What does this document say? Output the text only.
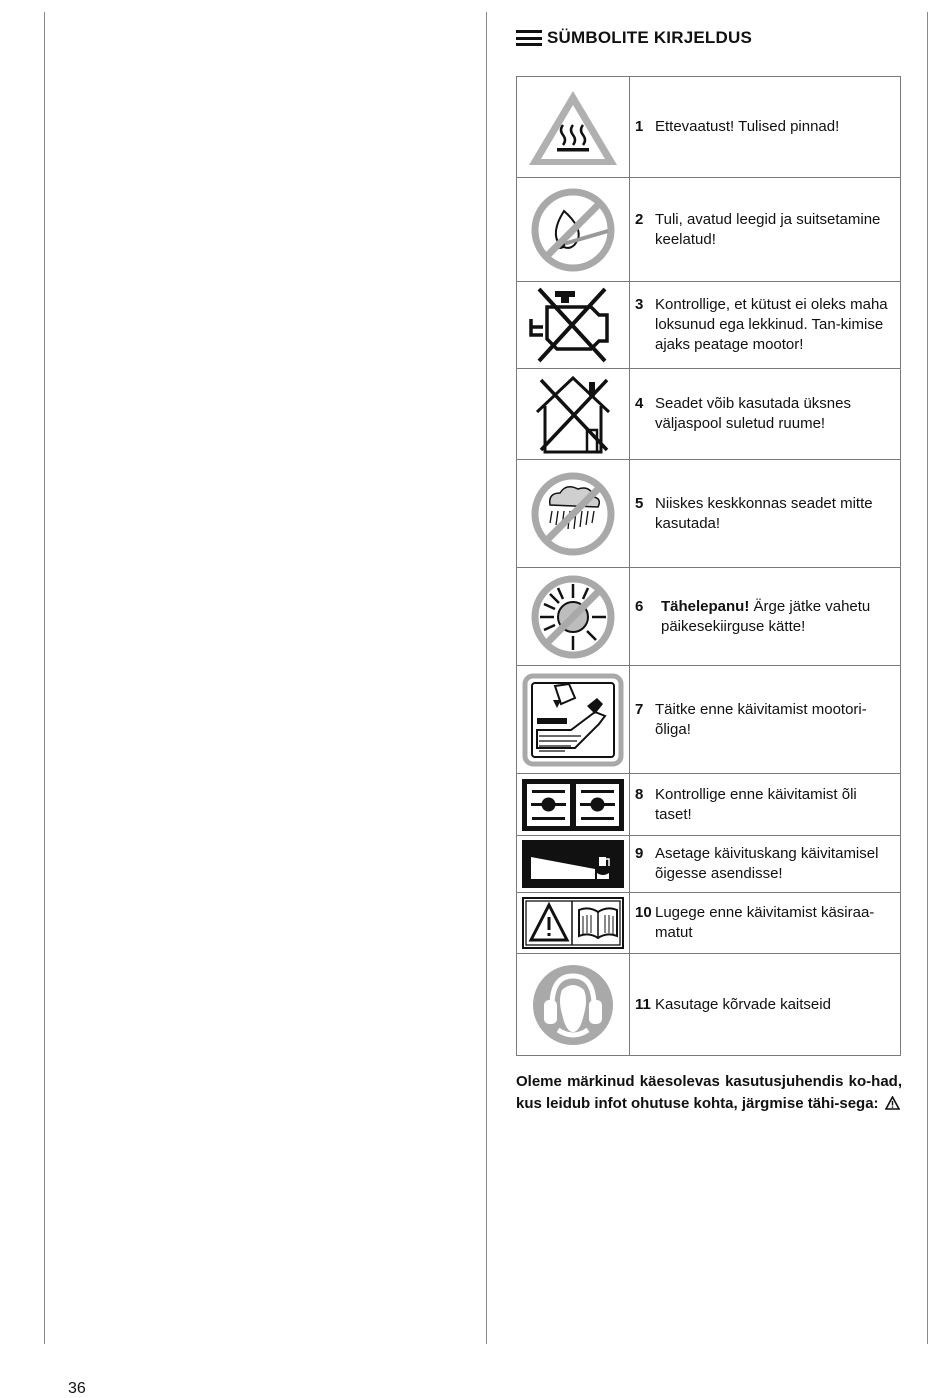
SÜMBOLITE KIRJELDUS

1 Ettevaatust! Tulised pinnad!

2 Tuli, avatud leegid ja suitsetamine keelatud!

3 Kontrollige, et kütust ei oleks maha loksunud ega lekkinud. Tan-kimise ajaks peatage mootor!

4 Seadet võib kasutada üksnes väljaspool suletud ruume!

5 Niiskes keskkonnas seadet mitte kasutada!

6 Tähelepanu! Ärge jätke vahetu päikesekiirguse kätte!

7 Täitke enne käivitamist mootori-õliga!

8 Kontrollige enne käivitamist õli taset!

9 Asetage käivituskang käivitamisel õigesse asendisse!

10 Lugege enne käivitamist käsiraa-matut

11 Kasutage kõrvade kaitseid
Oleme märkinud käesolevas kasutusjuhendis ko-had, kus leidub infot ohutuse kohta, järgmise tähi-sega:
36
